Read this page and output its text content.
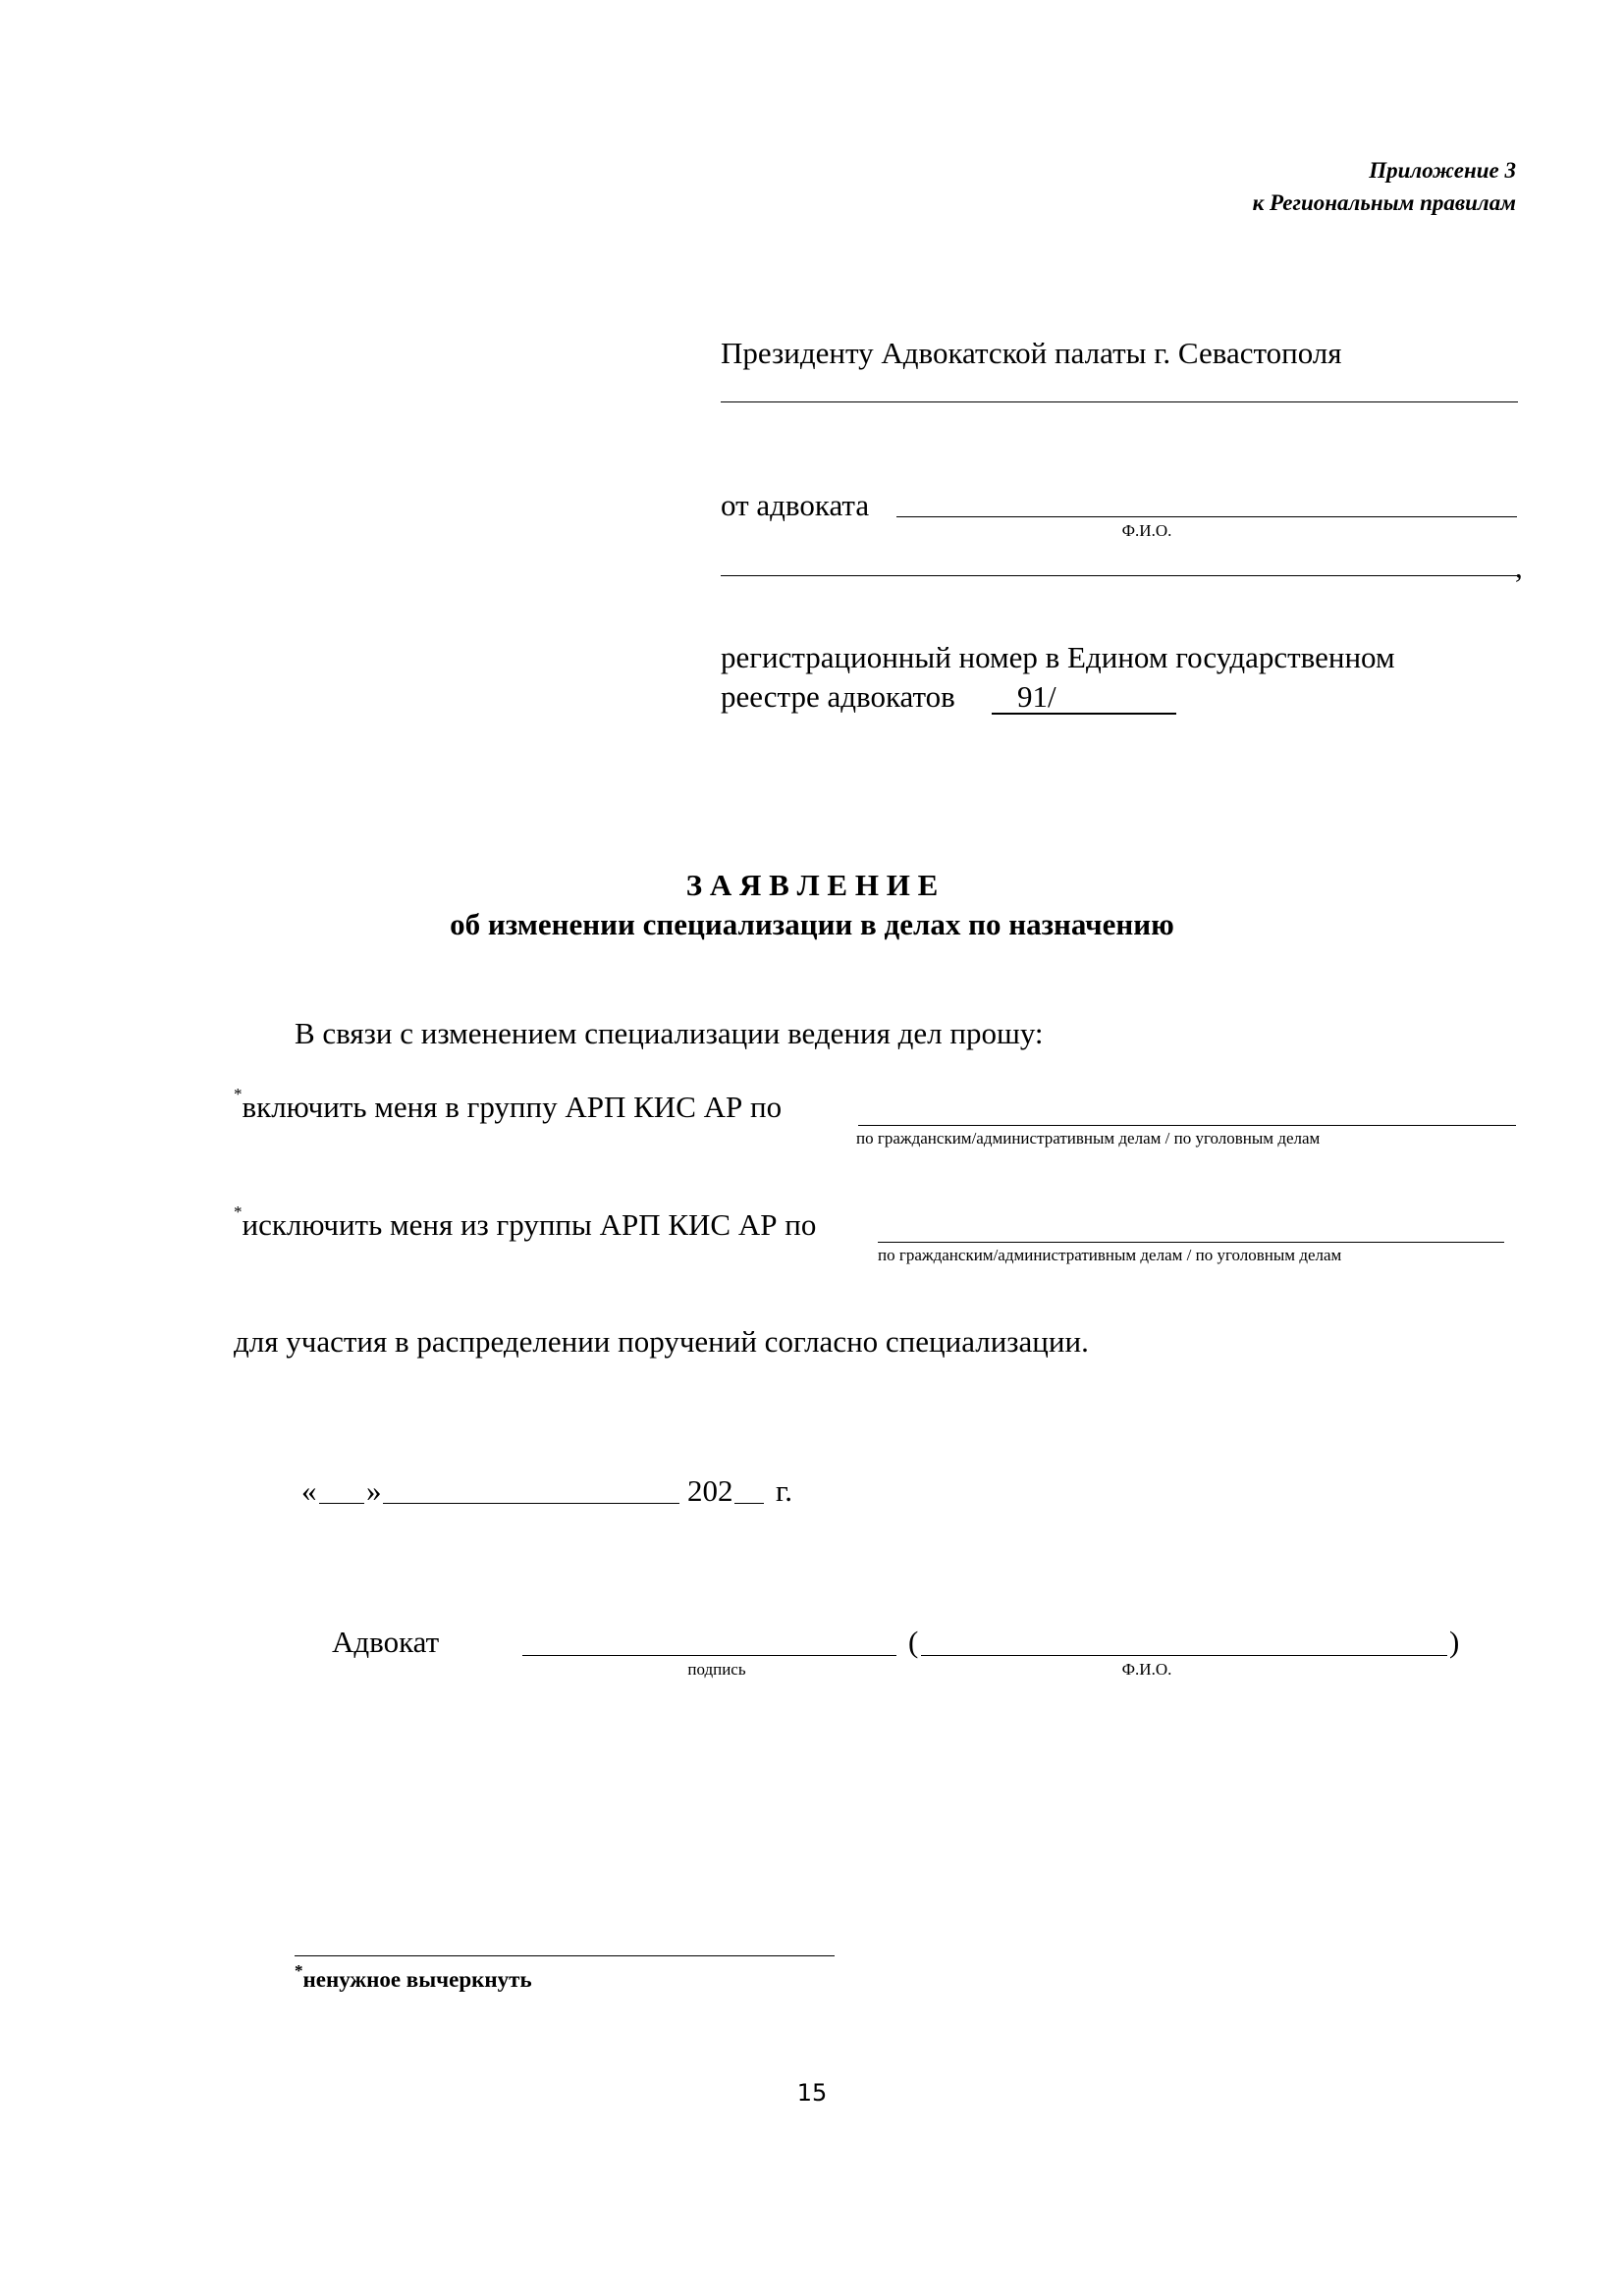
Приложение 3
к Региональным правилам
Президенту Адвокатской палаты г. Севастополя
от адвоката
Ф.И.О.
,
регистрационный номер в Едином государственном
реестре адвокатов 91/
З А Я В Л Е Н И Е
об изменении специализации в делах по назначению
В связи с изменением специализации ведения дел прошу:
*включить меня в группу АРП КИС АР по
по гражданским/административным делам / по уголовным делам
*исключить меня из группы АРП КИС АР по
по гражданским/административным делам / по уголовным делам
для участия в распределении поручений согласно специализации.
« »	202 г.
Адвокат
подпись
(	)
Ф.И.О.
*ненужное вычеркнуть
15
